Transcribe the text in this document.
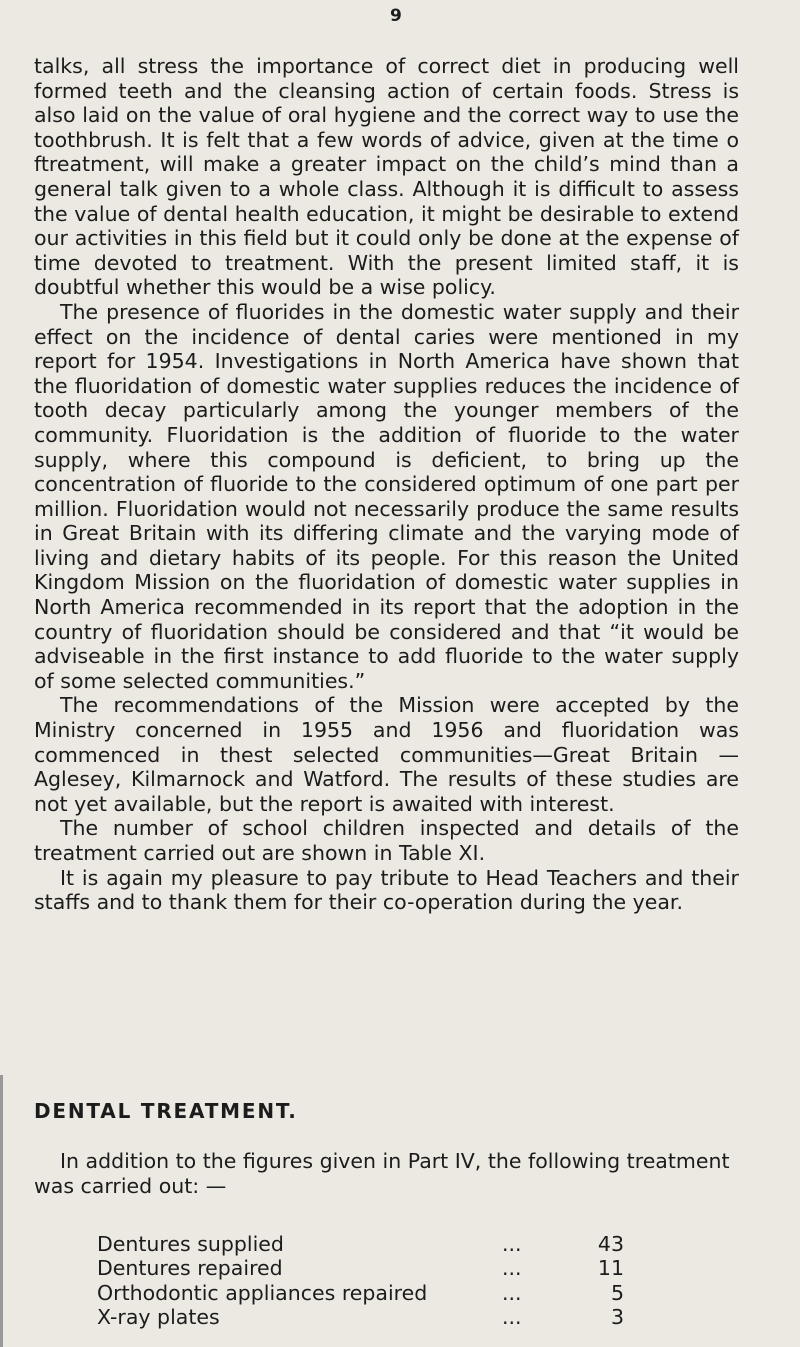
9

talks, all stress the importance of correct diet in producing well formed teeth and the cleansing action of certain foods. Stress is also laid on the value of oral hygiene and the correct way to use the toothbrush. It is felt that a few words of advice, given at the time o ftreatment, will make a greater impact on the child’s mind than a general talk given to a whole class. Although it is difficult to assess the value of dental health education, it might be desirable to extend our activities in this field but it could only be done at the expense of time devoted to treatment. With the present limited staff, it is doubtful whether this would be a wise policy.

The presence of fluorides in the domestic water supply and their effect on the incidence of dental caries were mentioned in my report for 1954. Investigations in North America have shown that the fluoridation of domestic water supplies reduces the incidence of tooth decay particularly among the younger members of the community. Fluoridation is the addition of fluoride to the water supply, where this compound is deficient, to bring up the concentration of fluoride to the considered optimum of one part per million. Fluoridation would not necessarily produce the same results in Great Britain with its differing climate and the varying mode of living and dietary habits of its people. For this reason the United Kingdom Mission on the fluoridation of domestic water supplies in North America recommended in its report that the adoption in the country of fluoridation should be considered and that “it would be adviseable in the first instance to add fluoride to the water supply of some selected communities.”

The recommendations of the Mission were accepted by the Ministry concerned in 1955 and 1956 and fluoridation was commenced in thest selected communities—Great Britain — Aglesey, Kilmarnock and Watford. The results of these studies are not yet available, but the report is awaited with interest.

The number of school children inspected and details of the treatment carried out are shown in Table XI.

It is again my pleasure to pay tribute to Head Teachers and their staffs and to thank them for their co-operation during the year.

DENTAL TREATMENT.

In addition to the figures given in Part IV, the following treatment was carried out: —

Dentures supplied	...	43
Dentures repaired	...	11
Orthodontic appliances repaired	...	5
X-ray plates	...	3
